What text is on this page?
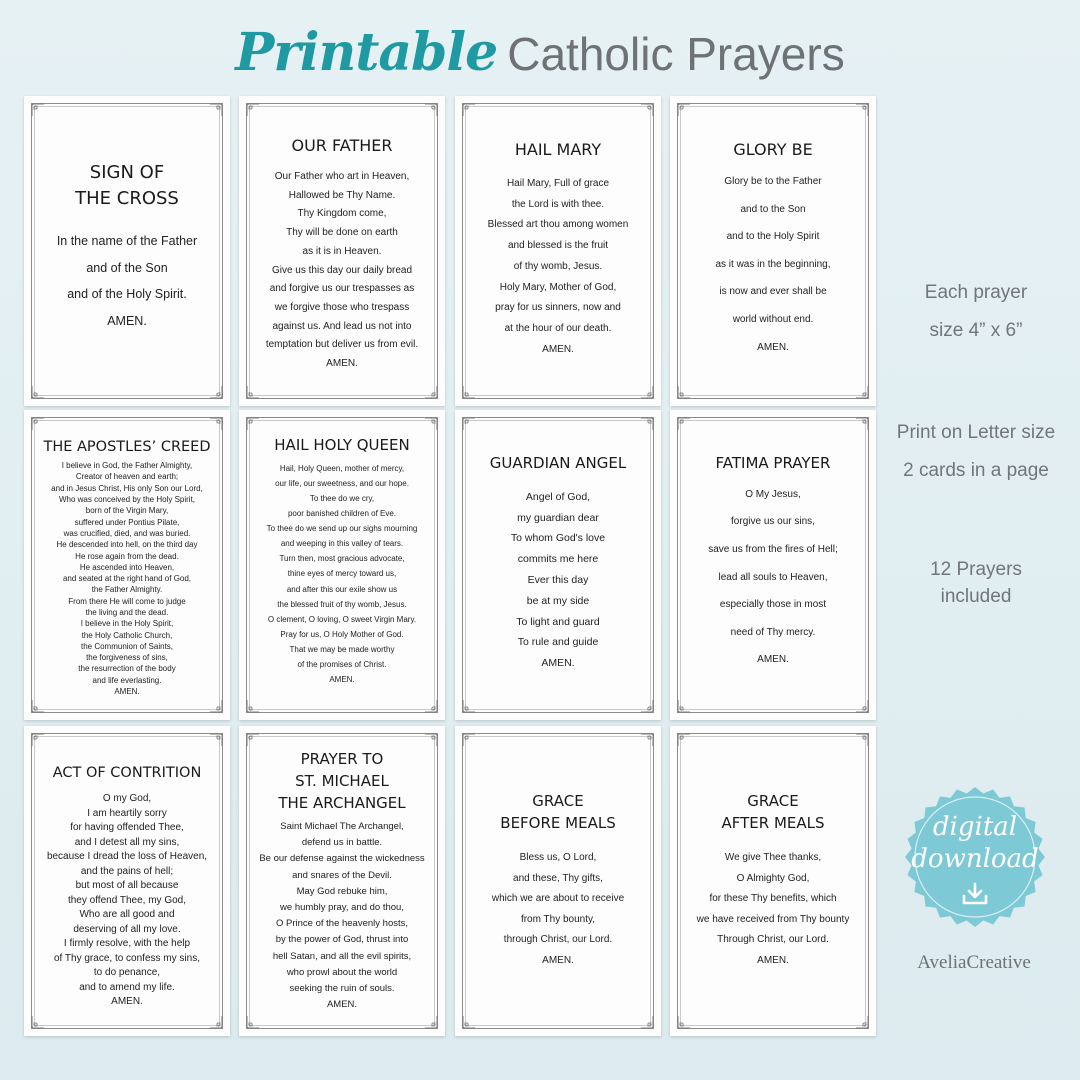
Printable Catholic Prayers
SIGN OF
THE CROSS
In the name of the Father
and of the Son
and of the Holy Spirit.
AMEN.
OUR FATHER
Our Father who art in Heaven,
Hallowed be Thy Name.
Thy Kingdom come,
Thy will be done on earth
as it is in Heaven.
Give us this day our daily bread
and forgive us our trespasses as
we forgive those who trespass
against us. And lead us not into
temptation but deliver us from evil.
AMEN.
HAIL MARY
Hail Mary, Full of grace
the Lord is with thee.
Blessed art thou among women
and blessed is the fruit
of thy womb, Jesus.
Holy Mary, Mother of God,
pray for us sinners, now and
at the hour of our death.
AMEN.
GLORY BE
Glory be to the Father
and to the Son
and to the Holy Spirit
as it was in the beginning,
is now and ever shall be
world without end.
AMEN.
THE APOSTLES’ CREED
I believe in God, the Father Almighty,
Creator of heaven and earth;
and in Jesus Christ, His only Son our Lord,
Who was conceived by the Holy Spirit,
born of the Virgin Mary,
suffered under Pontius Pilate,
was crucified, died, and was buried.
He descended into hell, on the third day
He rose again from the dead.
He ascended into Heaven,
and seated at the right hand of God,
the Father Almighty.
From there He will come to judge
the living and the dead.
I believe in the Holy Spirit,
the Holy Catholic Church,
the Communion of Saints,
the forgiveness of sins,
the resurrection of the body
and life everlasting.
AMEN.
HAIL HOLY QUEEN
Hail, Holy Queen, mother of mercy,
our life, our sweetness, and our hope.
To thee do we cry,
poor banished children of Eve.
To thee do we send up our sighs mourning
and weeping in this valley of tears.
Turn then, most gracious advocate,
thine eyes of mercy toward us,
and after this our exile show us
the blessed fruit of thy womb, Jesus.
O clement, O loving, O sweet Virgin Mary.
Pray for us, O Holy Mother of God.
That we may be made worthy
of the promises of Christ.
AMEN.
GUARDIAN ANGEL
Angel of God,
my guardian dear
To whom God's love
commits me here
Ever this day
be at my side
To light and guard
To rule and guide
AMEN.
FATIMA PRAYER
O My Jesus,
forgive us our sins,
save us from the fires of Hell;
lead all souls to Heaven,
especially those in most
need of Thy mercy.
AMEN.
ACT OF CONTRITION
O my God,
I am heartily sorry
for having offended Thee,
and I detest all my sins,
because I dread the loss of Heaven,
and the pains of hell;
but most of all because
they offend Thee, my God,
Who are all good and
deserving of all my love.
I firmly resolve, with the help
of Thy grace, to confess my sins,
to do penance,
and to amend my life.
AMEN.
PRAYER TO
ST. MICHAEL
THE ARCHANGEL
Saint Michael The Archangel,
defend us in battle.
Be our defense against the wickedness
and snares of the Devil.
May God rebuke him,
we humbly pray, and do thou,
O Prince of the heavenly hosts,
by the power of God, thrust into
hell Satan, and all the evil spirits,
who prowl about the world
seeking the ruin of souls.
AMEN.
GRACE
BEFORE MEALS
Bless us, O Lord,
and these, Thy gifts,
which we are about to receive
from Thy bounty,
through Christ, our Lord.
AMEN.
GRACE
AFTER MEALS
We give Thee thanks,
O Almighty God,
for these Thy benefits, which
we have received from Thy bounty
Through Christ, our Lord.
AMEN.
Each prayer
size 4” x 6”
Print on Letter size
2 cards in a page
12 Prayers
included
digital
download
AveliaCreative
